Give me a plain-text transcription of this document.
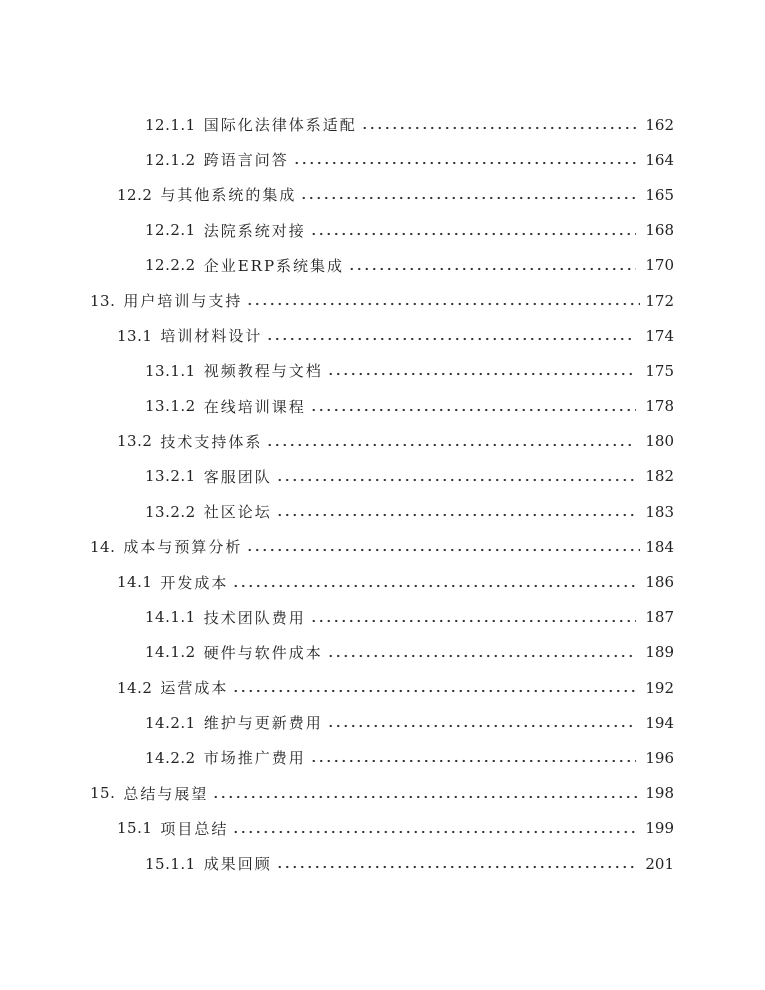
12.1.1 国际化法律体系适配	162
12.1.2 跨语言问答	164
12.2 与其他系统的集成	165
12.2.1 法院系统对接	168
12.2.2 企业ERP系统集成	170
13. 用户培训与支持	172
13.1 培训材料设计	174
13.1.1 视频教程与文档	175
13.1.2 在线培训课程	178
13.2 技术支持体系	180
13.2.1 客服团队	182
13.2.2 社区论坛	183
14. 成本与预算分析	184
14.1 开发成本	186
14.1.1 技术团队费用	187
14.1.2 硬件与软件成本	189
14.2 运营成本	192
14.2.1 维护与更新费用	194
14.2.2 市场推广费用	196
15. 总结与展望	198
15.1 项目总结	199
15.1.1 成果回顾	201
